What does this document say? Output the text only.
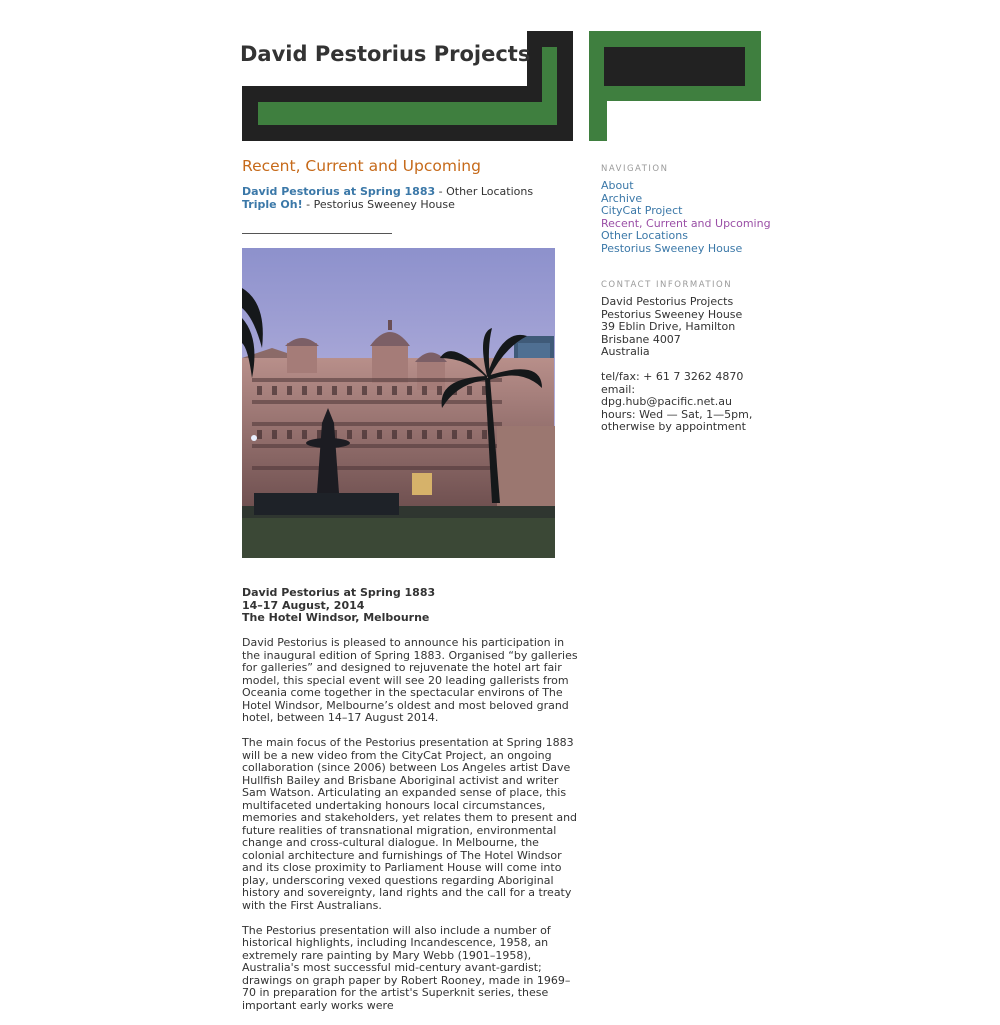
David Pestorius Projects
Recent, Current and Upcoming
David Pestorius at Spring 1883 - Other Locations
Triple Oh! - Pestorius Sweeney House
David Pestorius at Spring 1883
14–17 August, 2014
The Hotel Windsor, Melbourne

David Pestorius is pleased to announce his participation in the inaugural edition of Spring 1883. Organised “by galleries for galleries” and designed to rejuvenate the hotel art fair model, this special event will see 20 leading gallerists from Oceania come together in the spectacular environs of The Hotel Windsor, Melbourne’s oldest and most beloved grand hotel, between 14–17 August 2014.

The main focus of the Pestorius presentation at Spring 1883 will be a new video from the CityCat Project, an ongoing collaboration (since 2006) between Los Angeles artist Dave Hullfish Bailey and Brisbane Aboriginal activist and writer Sam Watson. Articulating an expanded sense of place, this multifaceted undertaking honours local circumstances, memories and stakeholders, yet relates them to present and future realities of transnational migration, environmental change and cross-cultural dialogue. In Melbourne, the colonial architecture and furnishings of The Hotel Windsor and its close proximity to Parliament House will come into play, underscoring vexed questions regarding Aboriginal history and sovereignty, land rights and the call for a treaty with the First Australians.

The Pestorius presentation will also include a number of historical highlights, including Incandescence, 1958, an extremely rare painting by Mary Webb (1901–1958), Australia's most successful mid-century avant-gardist; drawings on graph paper by Robert Rooney, made in 1969–70 in preparation for the artist's Superknit series, these important early works were

NAVIGATION
About
Archive
CityCat Project
Recent, Current and Upcoming
Other Locations
Pestorius Sweeney House
CONTACT INFORMATION
David Pestorius Projects
Pestorius Sweeney House
39 Eblin Drive, Hamilton
Brisbane 4007
Australia
tel/fax: + 61 7 3262 4870
email:
dpg.hub@pacific.net.au
hours: Wed — Sat, 1—5pm,
otherwise by appointment
